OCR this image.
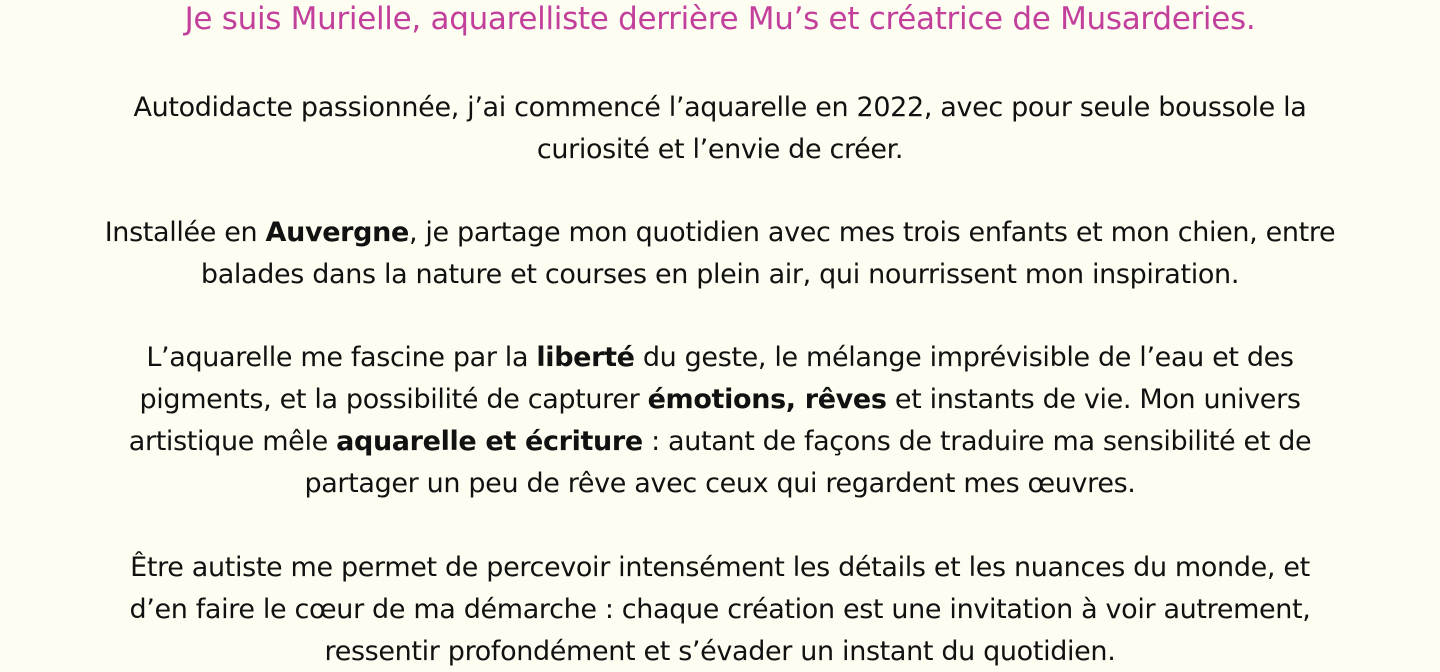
Je suis Murielle, aquarelliste derrière Mu’s et créatrice de Musarderies.

Autodidacte passionnée, j’ai commencé l’aquarelle en 2022, avec pour seule boussole la
curiosité et l’envie de créer.

Installée en Auvergne, je partage mon quotidien avec mes trois enfants et mon chien, entre
balades dans la nature et courses en plein air, qui nourrissent mon inspiration.

L’aquarelle me fascine par la liberté du geste, le mélange imprévisible de l’eau et des
pigments, et la possibilité de capturer émotions, rêves et instants de vie. Mon univers
artistique mêle aquarelle et écriture : autant de façons de traduire ma sensibilité et de
partager un peu de rêve avec ceux qui regardent mes œuvres.

Être autiste me permet de percevoir intensément les détails et les nuances du monde, et
d’en faire le cœur de ma démarche : chaque création est une invitation à voir autrement,
ressentir profondément et s’évader un instant du quotidien.
